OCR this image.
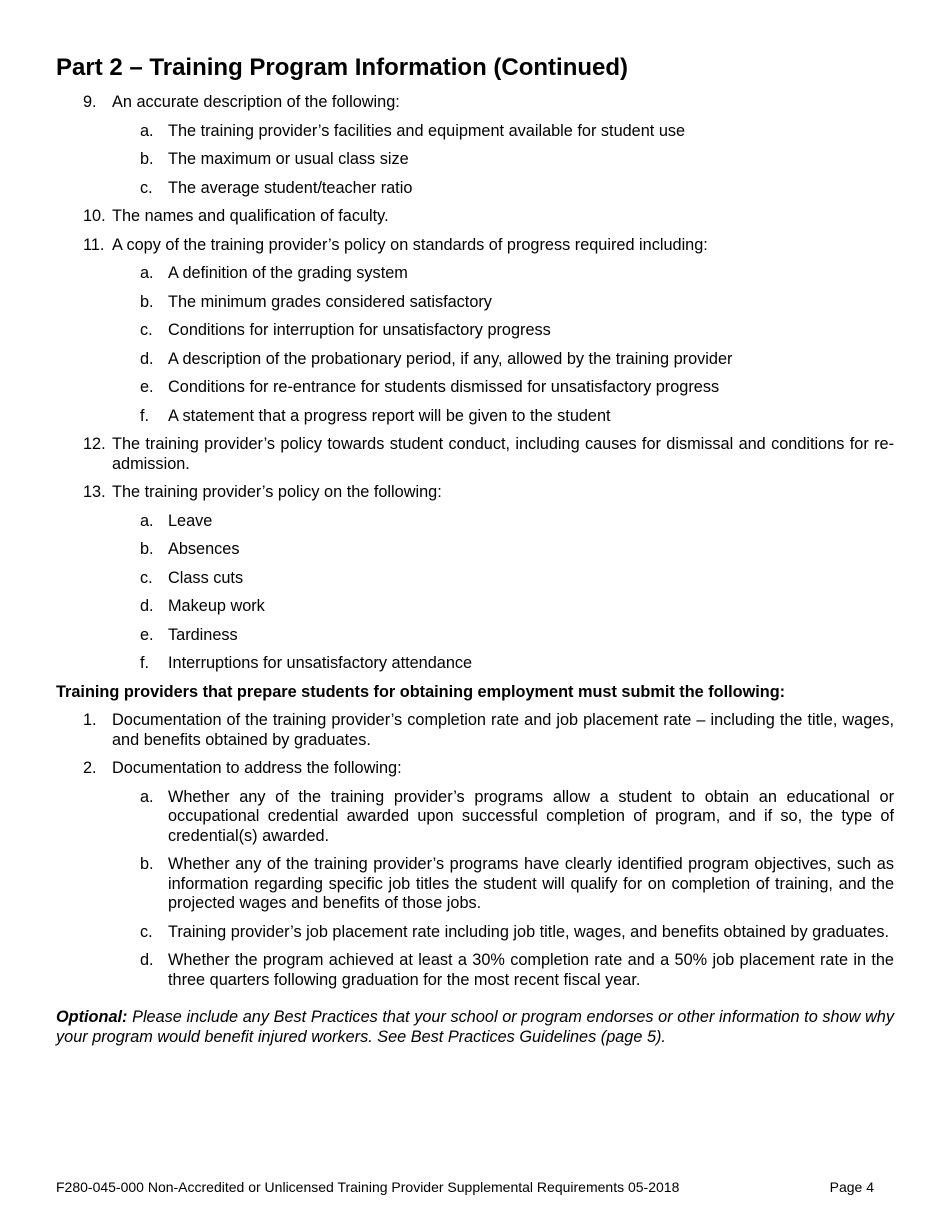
Part 2 – Training Program Information (Continued)
9. An accurate description of the following:
a. The training provider’s facilities and equipment available for student use
b. The maximum or usual class size
c. The average student/teacher ratio
10. The names and qualification of faculty.
11. A copy of the training provider’s policy on standards of progress required including:
a. A definition of the grading system
b. The minimum grades considered satisfactory
c. Conditions for interruption for unsatisfactory progress
d. A description of the probationary period, if any, allowed by the training provider
e. Conditions for re-entrance for students dismissed for unsatisfactory progress
f.	A statement that a progress report will be given to the student
12. The training provider’s policy towards student conduct, including causes for dismissal and conditions for re-admission.
13. The training provider’s policy on the following:
a. Leave
b. Absences
c. Class cuts
d. Makeup work
e. Tardiness
f.	Interruptions for unsatisfactory attendance
Training providers that prepare students for obtaining employment must submit the following:
1. Documentation of the training provider’s completion rate and job placement rate – including the title, wages, and benefits obtained by graduates.
2. Documentation to address the following:
a. Whether any of the training provider’s programs allow a student to obtain an educational or occupational credential awarded upon successful completion of program, and if so, the type of credential(s) awarded.
b. Whether any of the training provider’s programs have clearly identified program objectives, such as information regarding specific job titles the student will qualify for on completion of training, and the projected wages and benefits of those jobs.
c. Training provider’s job placement rate including job title, wages, and benefits obtained by graduates.
d. Whether the program achieved at least a 30% completion rate and a 50% job placement rate in the three quarters following graduation for the most recent fiscal year.
Optional: Please include any Best Practices that your school or program endorses or other information to show why your program would benefit injured workers. See Best Practices Guidelines (page 5).
F280-045-000 Non-Accredited or Unlicensed Training Provider Supplemental Requirements 05-2018	Page 4
